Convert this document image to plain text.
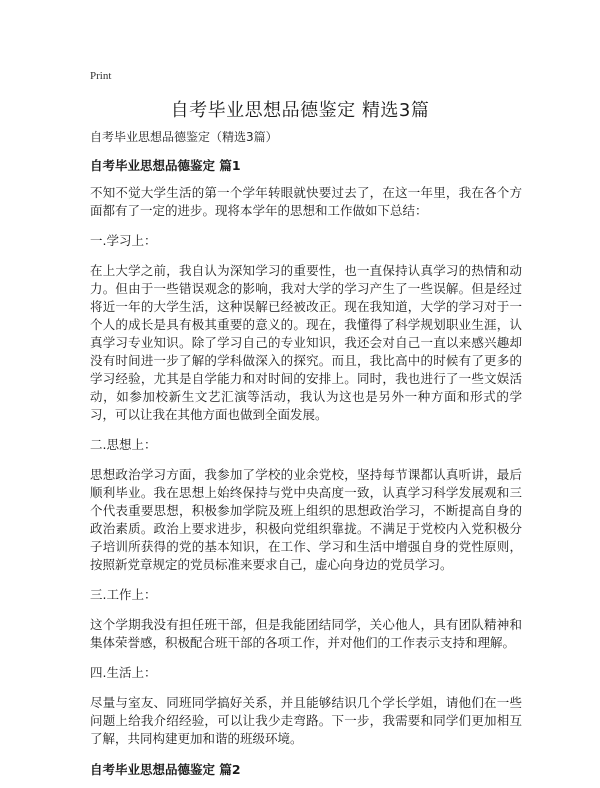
Print
自考毕业思想品德鉴定 精选3篇

自考毕业思想品德鉴定（精选3篇）

自考毕业思想品德鉴定 篇1

不知不觉大学生活的第一个学年转眼就快要过去了，在这一年里，我在各个方面都有了一定的进步。现将本学年的思想和工作做如下总结：

一.学习上：

在上大学之前，我自认为深知学习的重要性，也一直保持认真学习的热情和动力。但由于一些错误观念的影响，我对大学的学习产生了一些误解。但是经过将近一年的大学生活，这种误解已经被改正。现在我知道，大学的学习对于一个人的成长是具有极其重要的意义的。现在，我懂得了科学规划职业生涯，认真学习专业知识。除了学习自己的专业知识，我还会对自己一直以来感兴趣却没有时间进一步了解的学科做深入的探究。而且，我比高中的时候有了更多的学习经验，尤其是自学能力和对时间的安排上。同时，我也进行了一些文娱活动，如参加校新生文艺汇演等活动，我认为这也是另外一种方面和形式的学习，可以让我在其他方面也做到全面发展。

二.思想上：

思想政治学习方面，我参加了学校的业余党校，坚持每节课都认真听讲，最后顺利毕业。我在思想上始终保持与党中央高度一致，认真学习科学发展观和三个代表重要思想，积极参加学院及班上组织的思想政治学习，不断提高自身的政治素质。政治上要求进步，积极向党组织靠拢。不满足于党校内入党积极分子培训所获得的党的基本知识，在工作、学习和生活中增强自身的党性原则，按照新党章规定的党员标准来要求自己，虚心向身边的党员学习。

三.工作上：

这个学期我没有担任班干部，但是我能团结同学，关心他人，具有团队精神和集体荣誉感，积极配合班干部的各项工作，并对他们的工作表示支持和理解。

四.生活上：

尽量与室友、同班同学搞好关系，并且能够结识几个学长学姐，请他们在一些问题上给我介绍经验，可以让我少走弯路。下一步，我需要和同学们更加相互了解，共同构建更加和谐的班级环境。

自考毕业思想品德鉴定 篇2
